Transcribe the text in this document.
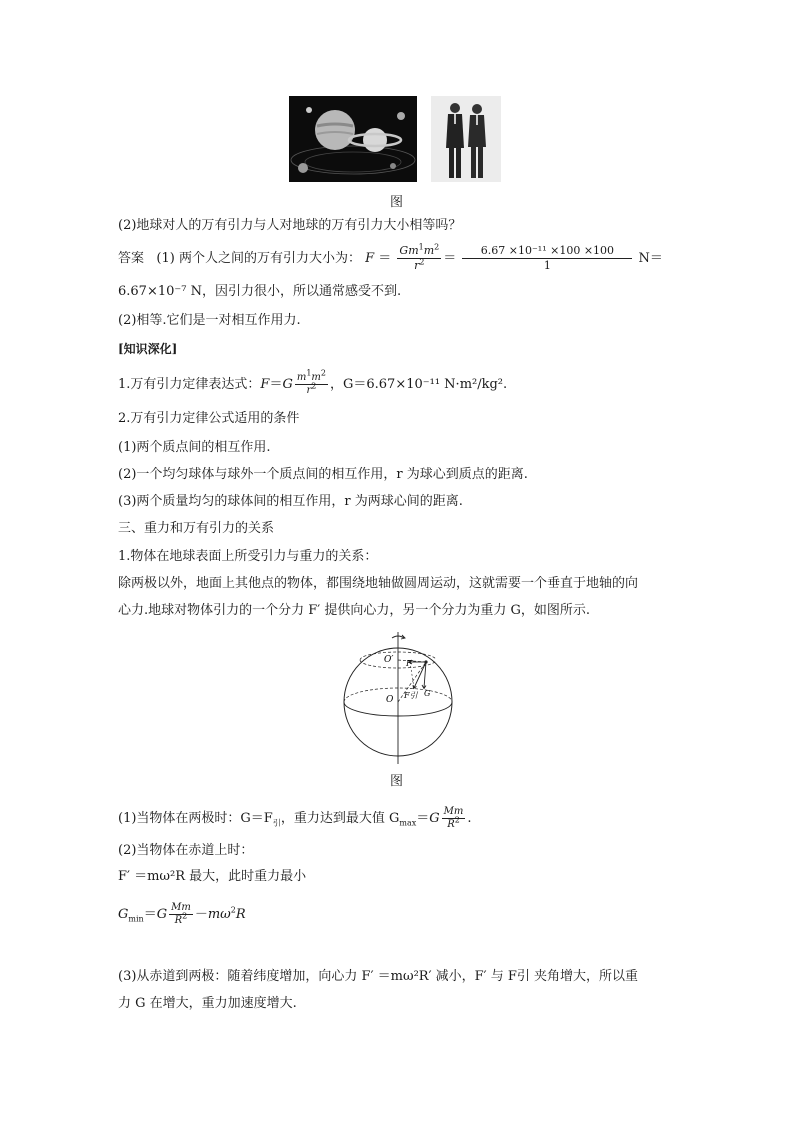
图
(2)地球对人的万有引力与人对地球的万有引力大小相等吗？
答案 (1) 两个人之间的万有引力大小为： $F = \frac{Gm^1m^2}{r^2} = \frac{\text{6.67 ×10⁻¹¹ ×100 ×100}}{1} N=$
6.67×10⁻⁷ N，因引力很小，所以通常感受不到.
(2)相等.它们是一对相互作用力.
[知识深化]
1.万有引力定律表达式：$F=G \frac{m^1m^2}{r^2}$ ，G＝6.67×10⁻¹¹ N·m²/kg².
2.万有引力定律公式适用的条件
(1)两个质点间的相互作用.
(2)一个均匀球体与球外一个质点间的相互作用，r 为球心到质点的距离.
(3)两个质量均匀的球体间的相互作用，r 为两球心间的距离.
三、重力和万有引力的关系
1.物体在地球表面上所受引力与重力的关系：
除两极以外，地面上其他点的物体，都围绕地轴做圆周运动，这就需要一个垂直于地轴的向
心力.地球对物体引力的一个分力 F′ 提供向心力，另一个分力为重力 G，如图所示.
O′
O
F′
F引 G
图
(1)当物体在两极时：$G=F_引$，重力达到最大值 $G_{max}=G \frac{Mm}{R^2}$ .
(2)当物体在赤道上时：
F′ ＝mω²R 最大，此时重力最小
$G_{min}=G \frac{Mm}{R^2} -m\omega^2R$
(3)从赤道到两极：随着纬度增加，向心力 F′ ＝mω²R′ 减小，F′ 与 F引 夹角增大，所以重
力 G 在增大，重力加速度增大.
